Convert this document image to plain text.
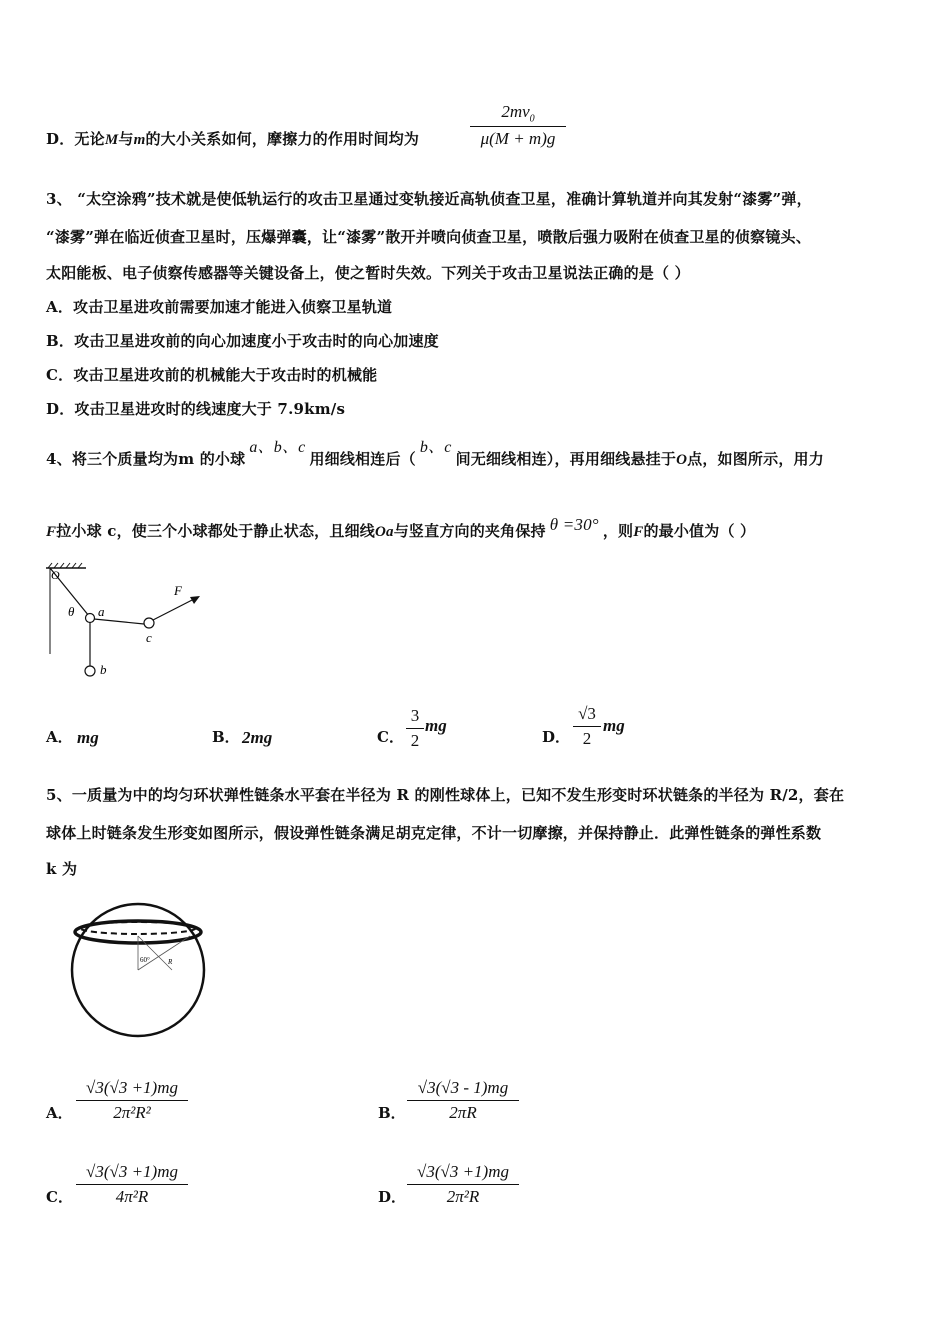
D．无论M与m的大小关系如何，摩擦力的作用时间均为	$\frac{2mv_0}{\mu(M + m)g}$
3、 “太空涂鸦”技术就是使低轨运行的攻击卫星通过变轨接近高轨侦查卫星，准确计算轨道并向其发射“漆雾”弹，
“漆雾”弹在临近侦查卫星时，压爆弹囊，让“漆雾”散开并喷向侦查卫星，喷散后强力吸附在侦查卫星的侦察镜头、
太阳能板、电子侦察传感器等关键设备上，使之暂时失效。下列关于攻击卫星说法正确的是（ ）
A．攻击卫星进攻前需要加速才能进入侦察卫星轨道
B．攻击卫星进攻前的向心加速度小于攻击时的向心加速度
C．攻击卫星进攻前的机械能大于攻击时的机械能
D．攻击卫星进攻时的线速度大于 7.9km/s
4、将三个质量均为m 的小球a、b、c用细线相连后（b、c间无细线相连），再用细线悬挂于O点，如图所示，用力
F拉小球 c，使三个小球都处于静止状态，且细线Oa与竖直方向的夹角保持 θ =30° ，则F的最小值为（ ）
O
θ a
b
c
F
A． mg	B． 2mg	C． $\frac{3}{2}$ mg
D． $\frac{√3}{2}$ mg
5、一质量为中的均匀环状弹性链条水平套在半径为 R 的刚性球体上，已知不发生形变时环状链条的半径为 R/2，套在
球体上时链条发生形变如图所示，假设弹性链条满足胡克定律，不计一切摩擦，并保持静止．此弹性链条的弹性系数
k 为
60°	R
A． $\frac{√3(√3 +1)mg}{\text{2π²R²}}$	B． $\frac{√3(√3 - 1)mg}{2\pi R}$
C． $\frac{√3(√3 +1)mg}{\text{4π²R}}$	D． $\frac{√3(√3 +1)mg}{\text{2π²R}}$
